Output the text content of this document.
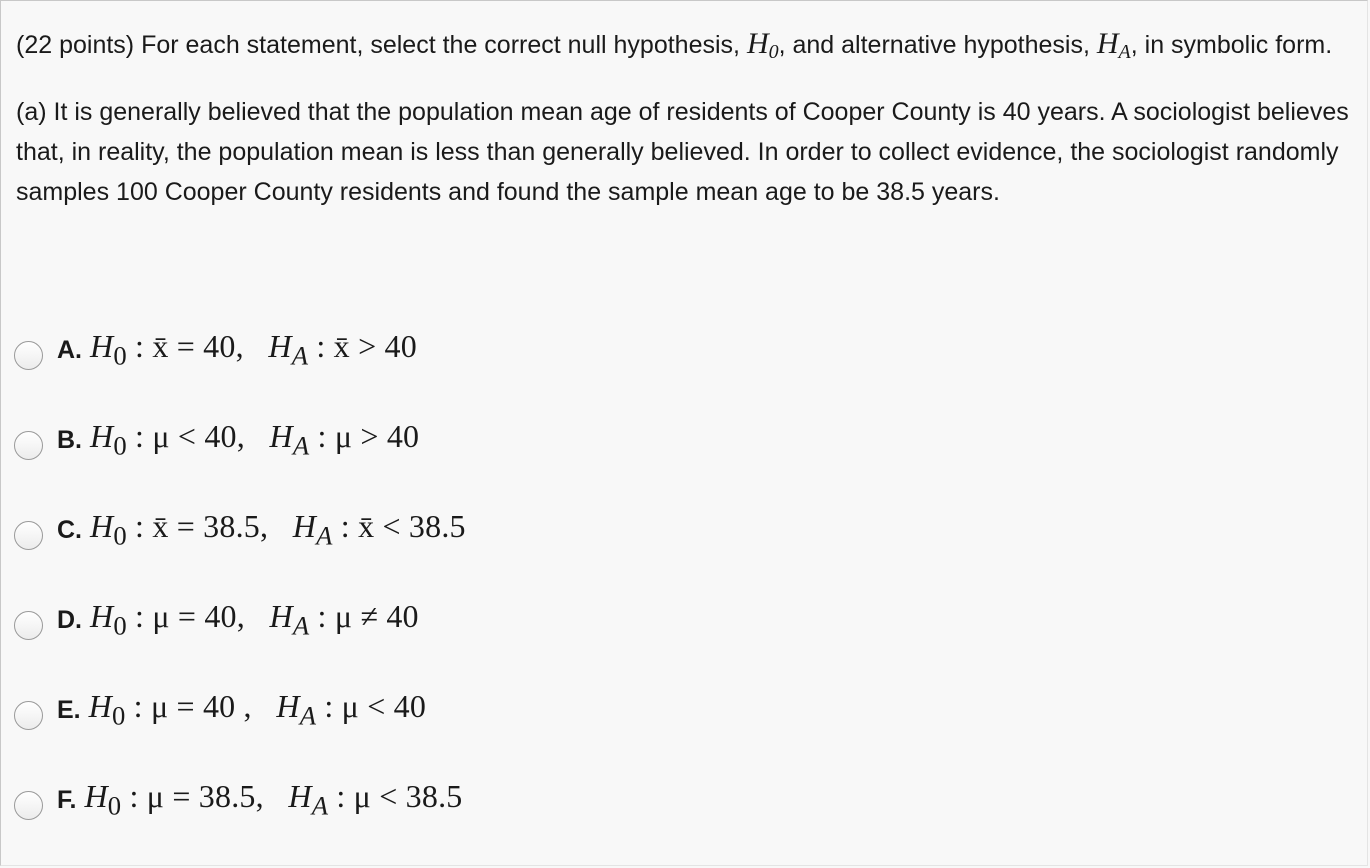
(22 points) For each statement, select the correct null hypothesis, $H_0$, and alternative hypothesis, $H_A$, in symbolic form.

(a) It is generally believed that the population mean age of residents of Cooper County is 40 years. A sociologist believes that, in reality, the population mean is less than generally believed. In order to collect evidence, the sociologist randomly samples 100 Cooper County residents and found the sample mean age to be 38.5 years.

A. $H_0$ : x̄ = 40,   $H_A$ : x̄ > 40
B. $H_0$ : μ < 40,   $H_A$ : μ > 40
C. $H_0$ : x̄ = 38.5,   $H_A$ : x̄ < 38.5
D. $H_0$ : μ = 40,   $H_A$ : μ ≠ 40
E. $H_0$ : μ = 40 ,   $H_A$ : μ < 40
F. $H_0$ : μ = 38.5,   $H_A$ : μ < 38.5
